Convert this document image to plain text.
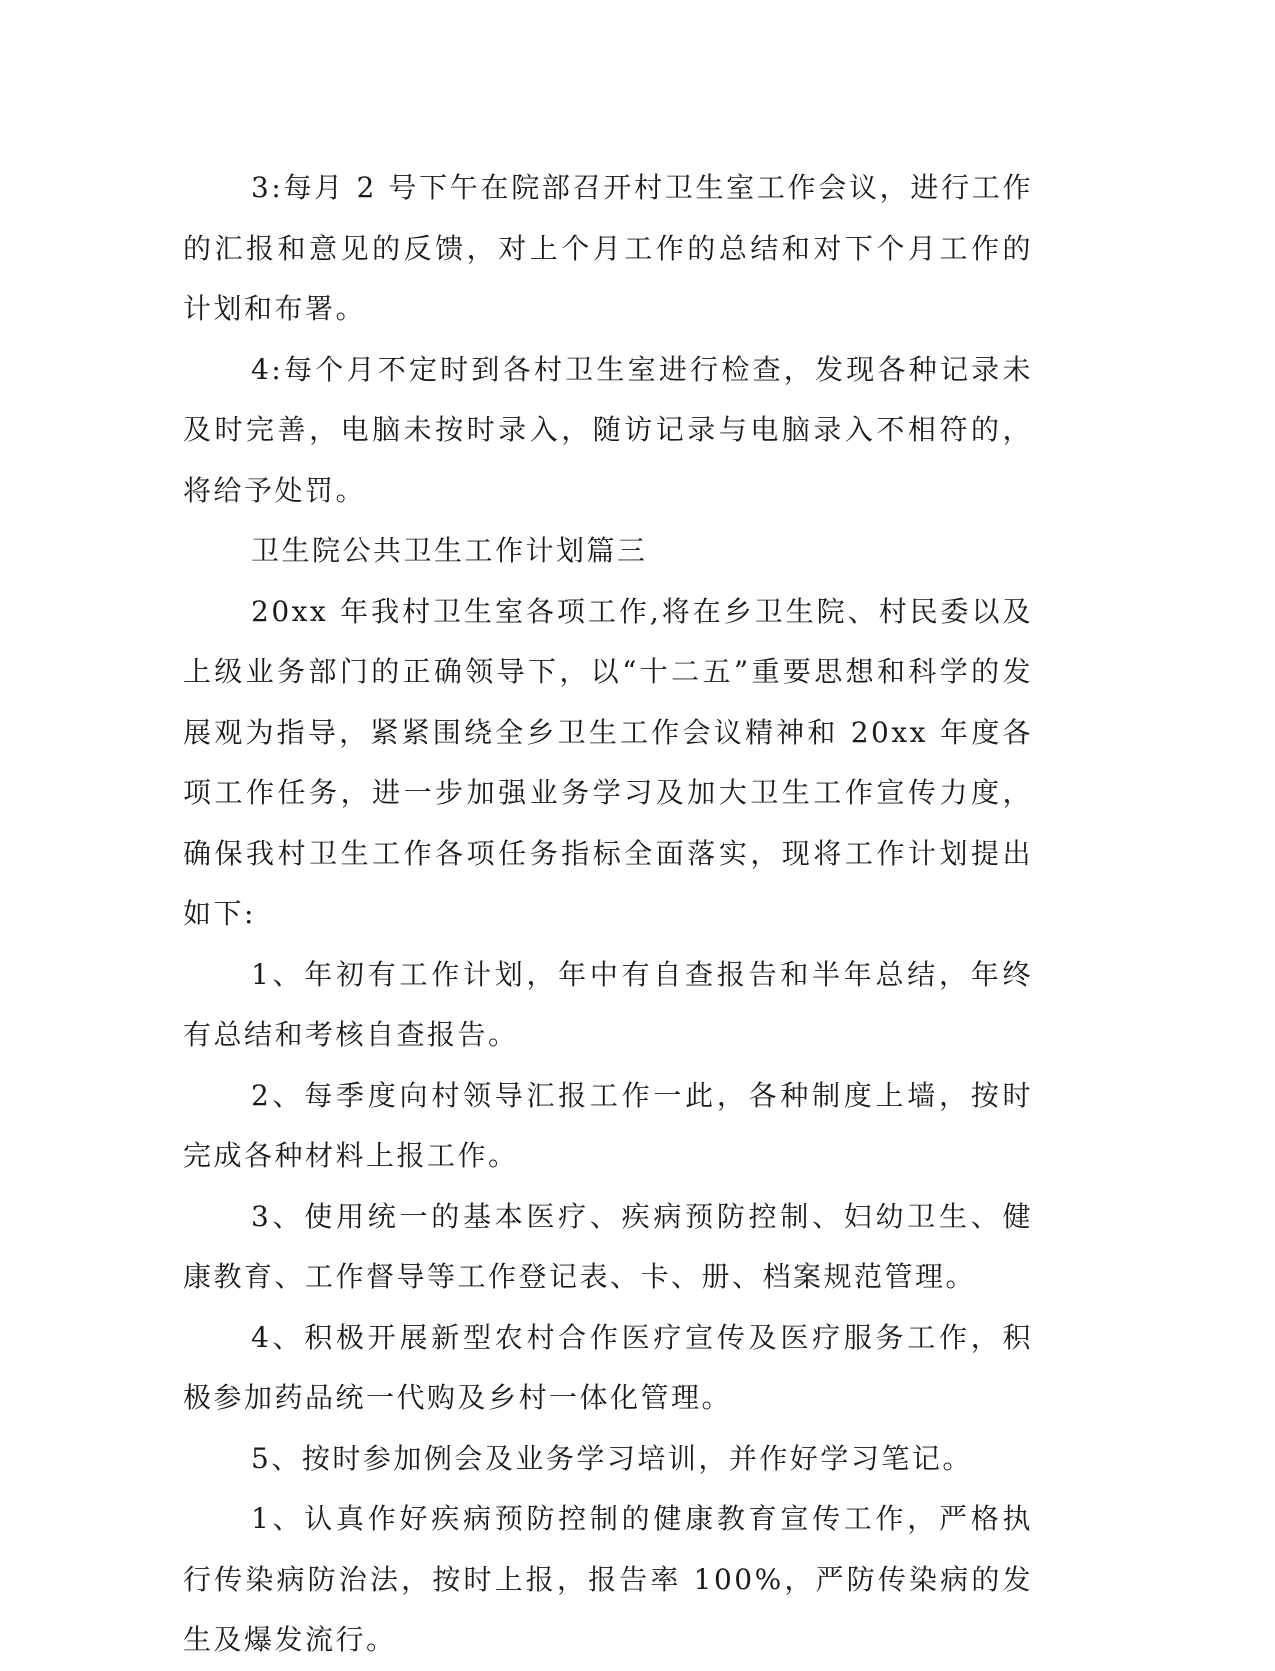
3:每月 2 号下午在院部召开村卫生室工作会议，进行工作的汇报和意见的反馈，对上个月工作的总结和对下个月工作的计划和布署。

4:每个月不定时到各村卫生室进行检查，发现各种记录未及时完善，电脑未按时录入，随访记录与电脑录入不相符的，将给予处罚。

卫生院公共卫生工作计划篇三

20xx 年我村卫生室各项工作,将在乡卫生院、村民委以及上级业务部门的正确领导下，以“十二五”重要思想和科学的发展观为指导，紧紧围绕全乡卫生工作会议精神和 20xx 年度各项工作任务，进一步加强业务学习及加大卫生工作宣传力度，确保我村卫生工作各项任务指标全面落实，现将工作计划提出如下:

1、年初有工作计划，年中有自查报告和半年总结，年终有总结和考核自查报告。

2、每季度向村领导汇报工作一此，各种制度上墙，按时完成各种材料上报工作。

3、使用统一的基本医疗、疾病预防控制、妇幼卫生、健康教育、工作督导等工作登记表、卡、册、档案规范管理。

4、积极开展新型农村合作医疗宣传及医疗服务工作，积极参加药品统一代购及乡村一体化管理。

5、按时参加例会及业务学习培训，并作好学习笔记。

1、认真作好疾病预防控制的健康教育宣传工作，严格执行传染病防治法，按时上报，报告率 100%，严防传染病的发生及爆发流行。
